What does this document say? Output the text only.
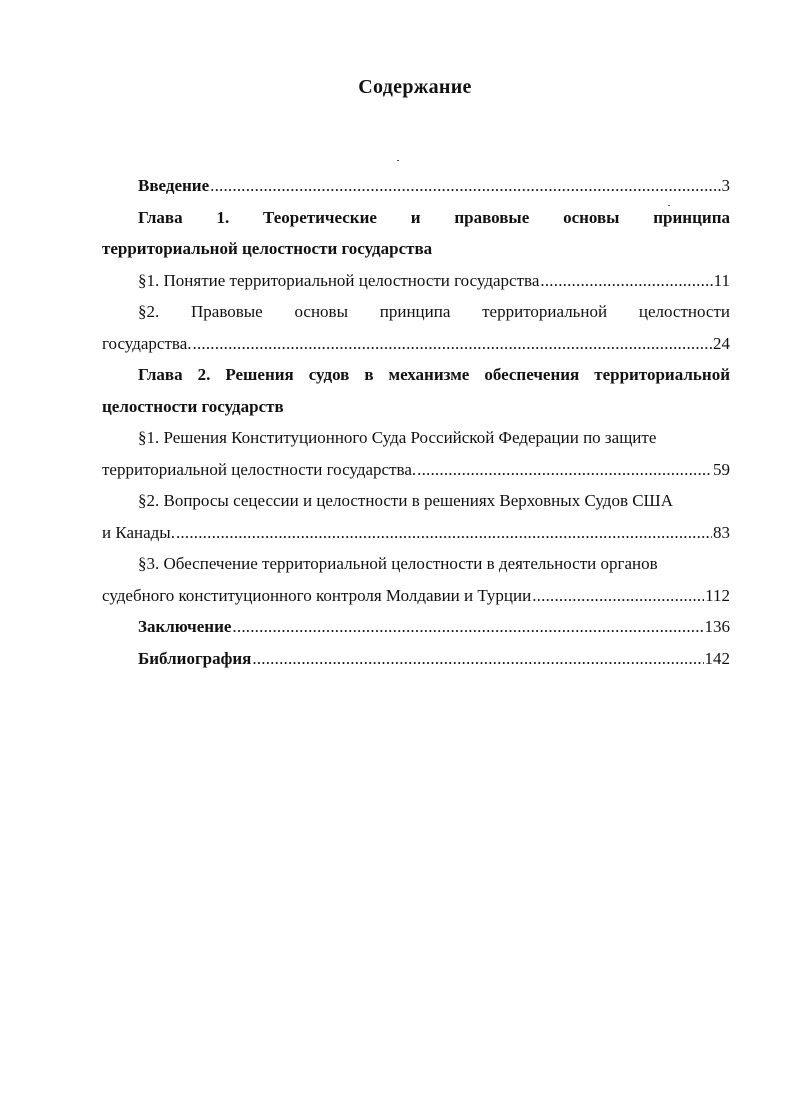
Содержание
Введение .....	3
Глава 1. Теоретические и правовые основы принципа
территориальной целостности государства
§1. Понятие территориальной целостности государства .....	11
§2. Правовые основы принципа территориальной целостности
государства. .....	24
Глава 2. Решения судов в механизме обеспечения территориальной
целостности государств
§1. Решения Конституционного Суда Российской Федерации по защите
территориальной целостности государства. .....	59
§2. Вопросы сецессии и целостности в решениях Верховных Судов США
и Канады. .....	83
§3. Обеспечение территориальной целостности в деятельности органов
судебного конституционного контроля Молдавии и Турции .....	112
Заключение .....	136
Библиография .....	142
